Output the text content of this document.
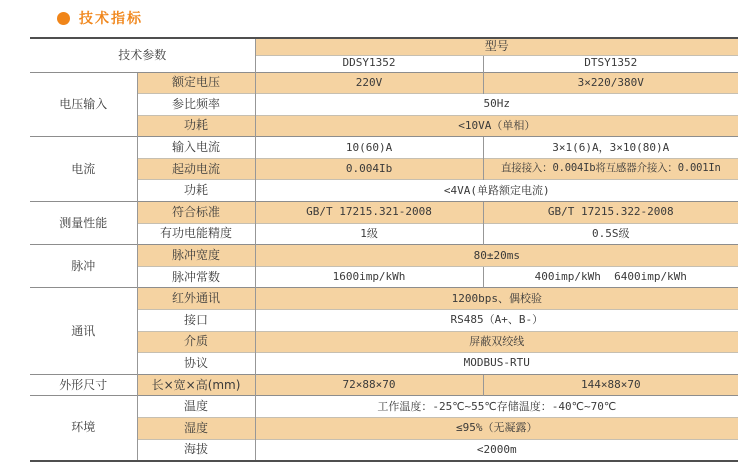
技术指标
技术参数		型号	
		DDSY1352	DTSY1352
电压输入	额定电压	220V	3×220/380V
	参比频率	50Hz	
	功耗	<10VA（单相）	
电流	输入电流	10(60)A	3×1(6)A，3×10(80)A
	起动电流	0.004Ib	直接接入：0.004Ib将互感器介接入：0.001In
	功耗	<4VA(单路额定电流)	
测量性能	符合标准	GB/T 17215.321-2008	GB/T 17215.322-2008
	有功电能精度	1级	0.5S级
脉冲	脉冲宽度	80±20ms	
	脉冲常数	1600imp/kWh	400imp/kWh  6400imp/kWh
通讯	红外通讯	1200bps、偶校验	
	接口	RS485（A+、B-）	
	介质	屏蔽双绞线	
	协议	MODBUS-RTU	
外形尺寸	长×宽×高(mm)	72×88×70	144×88×70
环境	温度	工作温度：-25℃~55℃存储温度：-40℃~70℃	
	湿度	≤95%（无凝露）	
	海拔	<2000m	
